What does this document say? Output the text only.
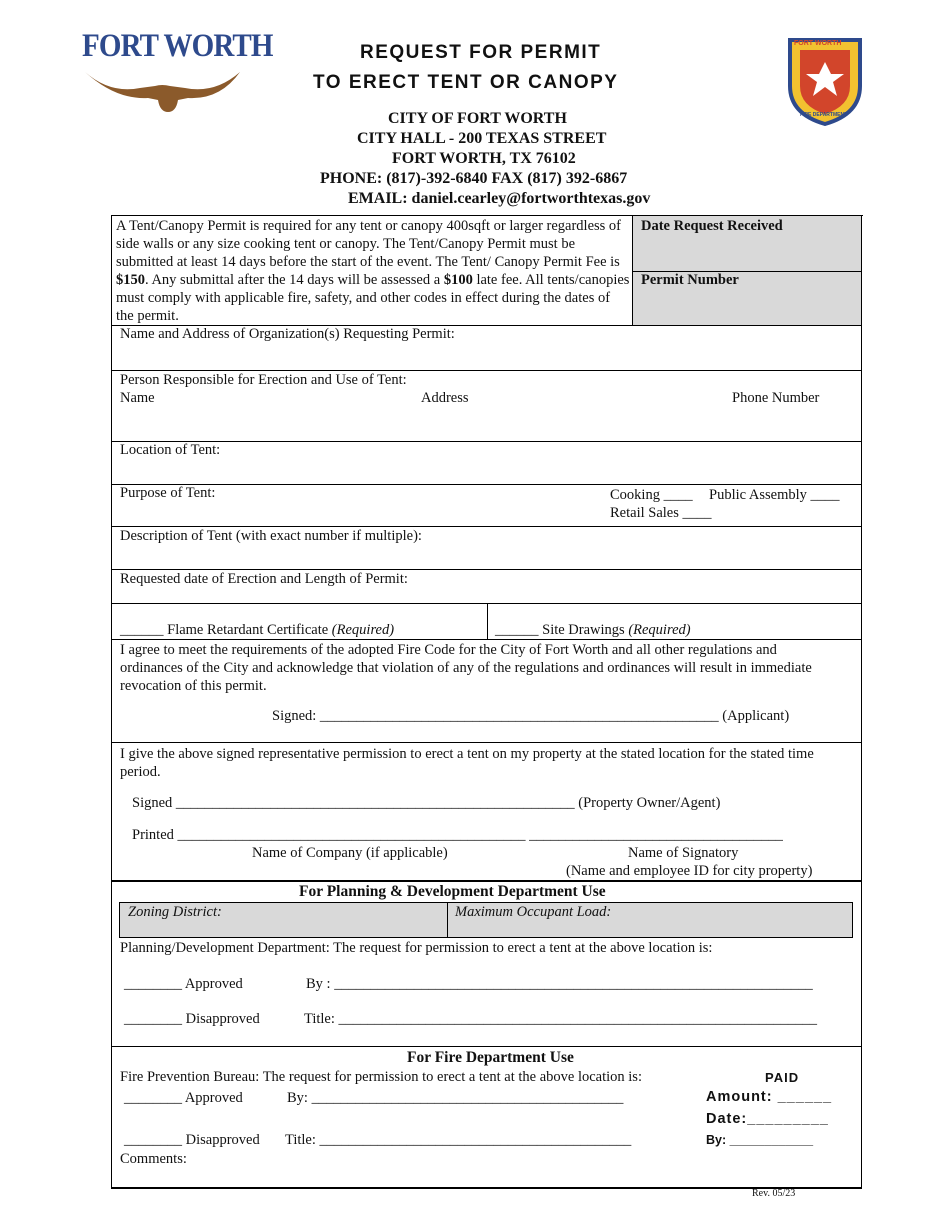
FORT WORTH	REQUEST FOR PERMIT
TO ERECT TENT OR CANOPY
FORT WORTH
FIRE DEPARTMENT
CITY OF FORT WORTH
CITY HALL - 200 TEXAS STREET
FORT WORTH, TX 76102
PHONE: (817)-392-6840 FAX (817) 392-6867
EMAIL: daniel.cearley@fortworthtexas.gov
A Tent/Canopy Permit is required for any tent or canopy 400sqft or larger regardless of side walls or any size cooking tent or canopy. The Tent/Canopy Permit must be submitted at least 14 days before the start of the event. The Tent/ Canopy Permit Fee is $150. Any submittal after the 14 days will be assessed a $100 late fee. All tents/canopies must comply with applicable fire, safety, and other codes in effect during the dates of the permit.
Date Request Received
Permit Number
Name and Address of Organization(s) Requesting Permit:
Person Responsible for Erection and Use of Tent:
Name	Address	Phone Number
Location of Tent:
Purpose of Tent:	Cooking ____ Public Assembly ____
Retail Sales ____
Description of Tent (with exact number if multiple):
Requested date of Erection and Length of Permit:
______ Flame Retardant Certificate (Required)	______ Site Drawings (Required)
I agree to meet the requirements of the adopted Fire Code for the City of Fort Worth and all other regulations and ordinances of the City and acknowledge that violation of any of the regulations and ordinances will result in immediate revocation of this permit.
Signed: _______________________________________________________ (Applicant)
I give the above signed representative permission to erect a tent on my property at the stated location for the stated time period.
Signed _______________________________________________________ (Property Owner/Agent)
Printed ________________________________________________ ___________________________________
Name of Company (if applicable)	Name of Signatory
(Name and employee ID for city property)
For Planning & Development Department Use
Zoning District:	Maximum Occupant Load:
Planning/Development Department: The request for permission to erect a tent at the above location is:
________ Approved	By : __________________________________________________________________
________ Disapproved	Title: __________________________________________________________________
For Fire Department Use
Fire Prevention Bureau: The request for permission to erect a tent at the above location is:
________ Approved	By: ___________________________________________
________ Disapproved Title: ___________________________________________
Comments:
PAID
Amount: ______
Date:_________
By: ____________
Rev. 05/23
